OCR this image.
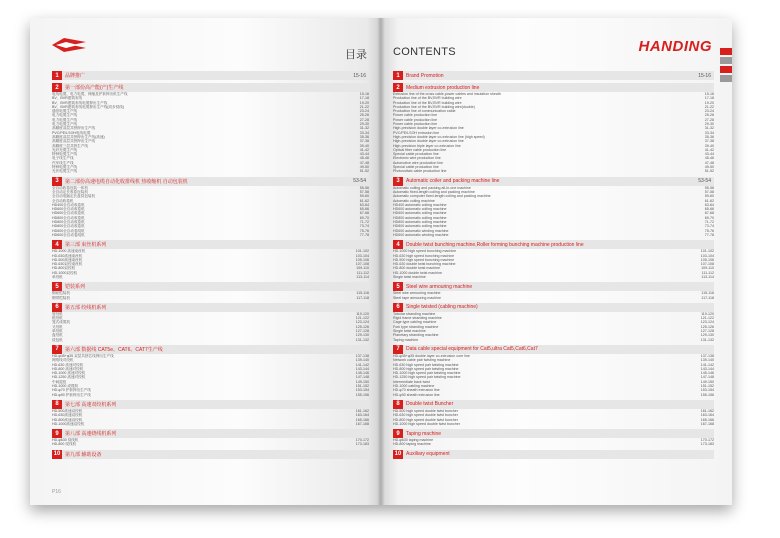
目录
1	品牌推广	15-16
2	第一部份高产能(产)生产线
电线电缆、电力电缆、伸缩及护套押出机生产线	15-16
BV、BVR建筑布线	17-18
BV、BVR建筑布线电缆押出生产线	19-20
BV、BVR建筑布线电缆押出生产线(同步绕线)	21-22
通信电缆生产线	23-24
电力电缆生产线	25-26
电力电缆生产线	27-28
电力电缆生产线	29-30
高精度双层共挤押出生产线	31-32
PVC/PE/LSOH电线电缆	33-34
高精度双层共挤押出生产线(高速)	35-36
高精度双层共挤押出生产线	37-38
高精度三层共挤生产线	39-40
光纤光缆生产线	41-42
特种电缆生产线	43-44
电子线生产线	45-46
汽车线生产线	47-48
特种电缆生产线	49-50
光伏电缆生产线	51-52
3	第二部份高速电缆自动化收排线机 热收缩机 自动包装机	53-54
全自动收卷包装一体机	55-56
全自动定长收卷包装机	57-58
全自动电脑定长盘绕包装机	59-60
全自动收卷机	61-62
HD400全自动收卷机	63-64
HD600全自动收卷机	65-66
HD600全自动收卷机	67-68
HD800全自动收卷机	69-70
HD800全自动收卷机	71-72
HD800全自动收卷机	73-74
HD600全自动卷绕机	75-76
HD600全自动卷绕机	77-78
4	第三部 束丝机系列
HD-1000 高速束丝机	101-102
HD-630高速束丝机	103-104
HD-500高速束丝机	105-106
HD-630双绞束丝机	107-108
HD-800双绞机	109-110
HD-1000双绞机	111-112
单绞机	113-114
5	铠装系列
钢丝铠装机	115-116
钢带铠装机	117-118
6	第五部 绞线机系列
管绞机	119-120
框绞机	121-122
笼式成缆机	123-124
叉绞机	125-126
单绞机	127-128
盘绞机	129-130
绕包机	131-132
7	第六部 数据线 CAT5e、CAT6、CAT7生产线
HD-φ45+φ35 双层共挤芯线押出生产线	137-138
网络线对绞机	139-140
HD-630 高速对绞机	141-142
HD-800 高速对绞机	143-144
HD-1000 高速对绞机	145-146
HD-1250 高速对绞机	147-148
中间退扭	149-150
HD-1000 成缆机	151-152
HD-φ70 护套押出生产线	153-154
HD-φ90 护套押出生产线	155-156
8	第七部 高速双绞机系列
HD-500高速双绞机	161-162
HD-630高速双绞机	163-164
HD-800高速双绞机	165-166
HD-1000高速双绞机	167-168
9	第八部 高速绕线机系列
HD-φ630 绕线机	170-172
HD-800 绕线机	173-183
10 第九部 辅助设备
P16
CONTENTS	HANDING
1	Brand Promotion	15-16
2	Medium extrusion production line
Extrusion line of the cross cable,power cables and insulation sheath	15-16
Production line of the BV,BVR building wire	17-18
Production line of the BV,BVR building wire	19-20
Production line of the BV,BVR building wire(double)	21-22
Production line of communication cable	23-24
Power cable production line	25-26
Power cable production line	27-28
Power cable production line	29-30
High-precision double layer co-extrusion line	31-32
PVC/PE/LSOH extrusion line	33-34
High-precision double layer co-extrusion line (high speed)	35-36
High-precision double layer co-extrusion line	37-38
High-precision triple layer co-extrusion line	39-40
Optical fiber cable production line	41-42
Special cable production line	43-44
Electronic wire production line	45-46
Automotive wire production line	47-48
Special cable production line	49-50
Photovoltaic cable production line	51-52
3	Automatic coiler and packing machine line	53-54
Automatic coiling and packing all-in-one machine	55-56
Automatic fixed-length coiling and packing machine	57-58
Automatic computer fixed-length coiling and packing machine	59-60
Automatic coiling machine	61-62
HD400 automatic coiling machine	63-64
HD600 automatic coiling machine	65-66
HD600 automatic coiling machine	67-68
HD800 automatic coiling machine	69-70
HD800 automatic coiling machine	71-72
HD800 automatic coiling machine	73-74
HD600 automatic winding machine	75-76
HD600 automatic winding machine	77-78
4	Double twist bunching machine,Roller forming bunching machine production line
HD-1000 high speed bunching machine	101-102
HD-630 high speed bunching machine	103-104
HD-500 high speed bunching machine	105-106
HD-630 double twist bunching machine	107-108
HD-800 double twist machine	109-110
HD-1000 double twist machine	111-112
Single twist machine	113-114
5	Steel wire armouring machine
Steel wire armouring machine	115-116
Steel tape armouring machine	117-118
6	Single twisted (cabling machine)
Tubular stranding machine	119-120
Rigid frame stranding machine	121-122
Cage type cabling machine	123-124
Fork type stranding machine	125-126
Single twist machine	127-128
Planetary stranding machine	129-130
Taping machine	131-132
7	Data cable special equipment for Cat5,ultra Cat5,Cat6,Cat7
HD-φ45+φ35 double layer co-extrusion core line	137-138
Network cable pair twisting machine	139-140
HD-630 high speed pair twisting machine	141-142
HD-800 high speed pair twisting machine	143-144
HD-1000 high speed pair twisting machine	145-146
HD-1250 high speed pair twisting machine	147-148
Intermediate back twist	149-150
HD-1000 cabling machine	151-152
HD-φ70 sheath extrusion line	153-154
HD-φ90 sheath extrusion line	155-156
8	Double twist Buncher
HD-500 high speed double twist buncher	161-162
HD-630 high speed double twist buncher	163-164
HD-800 high speed double twist buncher	165-166
HD-1000 high speed double twist buncher	167-168
9	Taping machine
HD-φ630 taping machine	170-172
HD-800 taping machine	173-183
10 Auxiliary equipment
